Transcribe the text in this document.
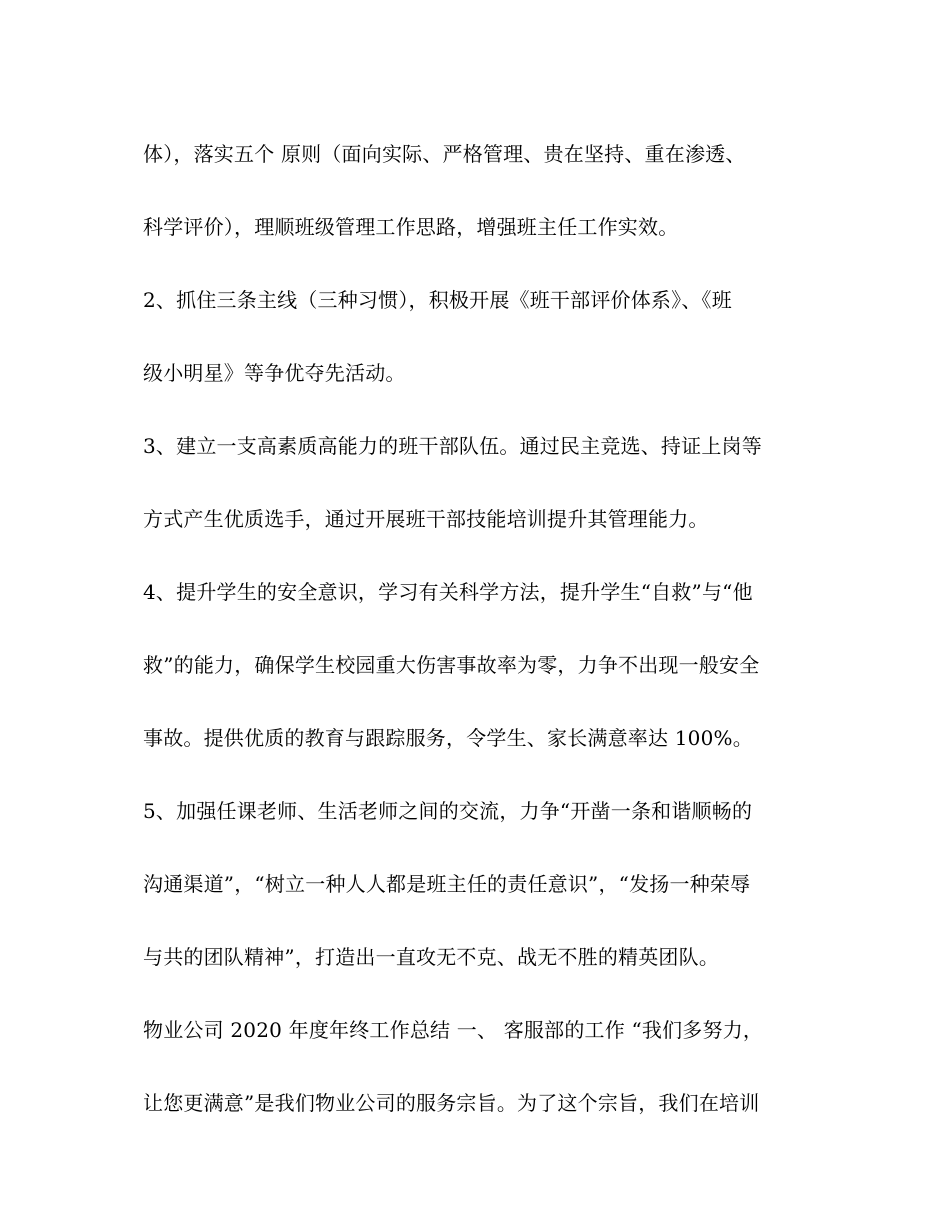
体），落实五个 原则（面向实际、严格管理、贵在坚持、重在渗透、
科学评价），理顺班级管理工作思路，增强班主任工作实效。
2、抓住三条主线（三种习惯），积极开展《班干部评价体系》、《班
级小明星》等争优夺先活动。
3、建立一支高素质高能力的班干部队伍。通过民主竞选、持证上岗等
方式产生优质选手，通过开展班干部技能培训提升其管理能力。
4、提升学生的安全意识，学习有关科学方法，提升学生“自救”与“他
救”的能力，确保学生校园重大伤害事故率为零，力争不出现一般安全
事故。提供优质的教育与跟踪服务，令学生、家长满意率达 100%。
5、加强任课老师、生活老师之间的交流，力争“开凿一条和谐顺畅的
沟通渠道”，“树立一种人人都是班主任的责任意识”，“发扬一种荣辱
与共的团队精神”，打造出一直攻无不克、战无不胜的精英团队。
物业公司 2020 年度年终工作总结 一、 客服部的工作 “我们多努力，
让您更满意”是我们物业公司的服务宗旨。为了这个宗旨，我们在培训
